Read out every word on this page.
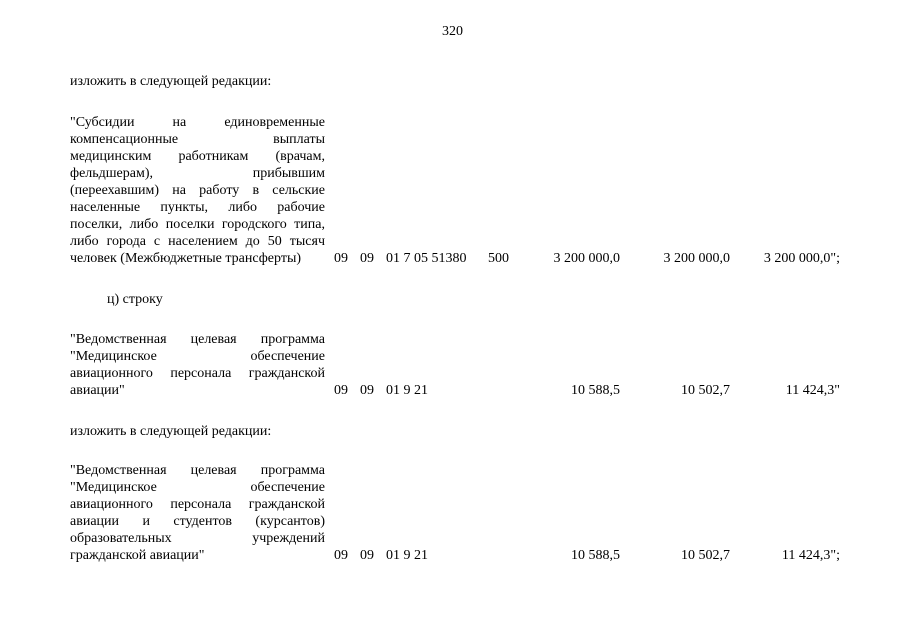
320
изложить в следующей редакции:
"Субсидии на единовременные
компенсационные выплаты
медицинским работникам (врачам,
фельдшерам), прибывшим
(переехавшим) на работу в сельские
населенные пункты, либо рабочие
поселки, либо поселки городского типа,
либо города с населением до 50 тысяч
человек (Межбюджетные трансферты)	09 09 01 7 05 51380 500	3 200 000,0	3 200 000,0 3 200 000,0";
ц) строку
"Ведомственная целевая программа
"Медицинское обеспечение
авиационного персонала гражданской
авиации"	09 09 01 9 21	10 588,5	10 502,7	11 424,3"
изложить в следующей редакции:
"Ведомственная целевая программа
"Медицинское обеспечение
авиационного персонала гражданской
авиации и студентов (курсантов)
образовательных учреждений
гражданской авиации"	09 09 01 9 21	10 588,5	10 502,7	11 424,3";
